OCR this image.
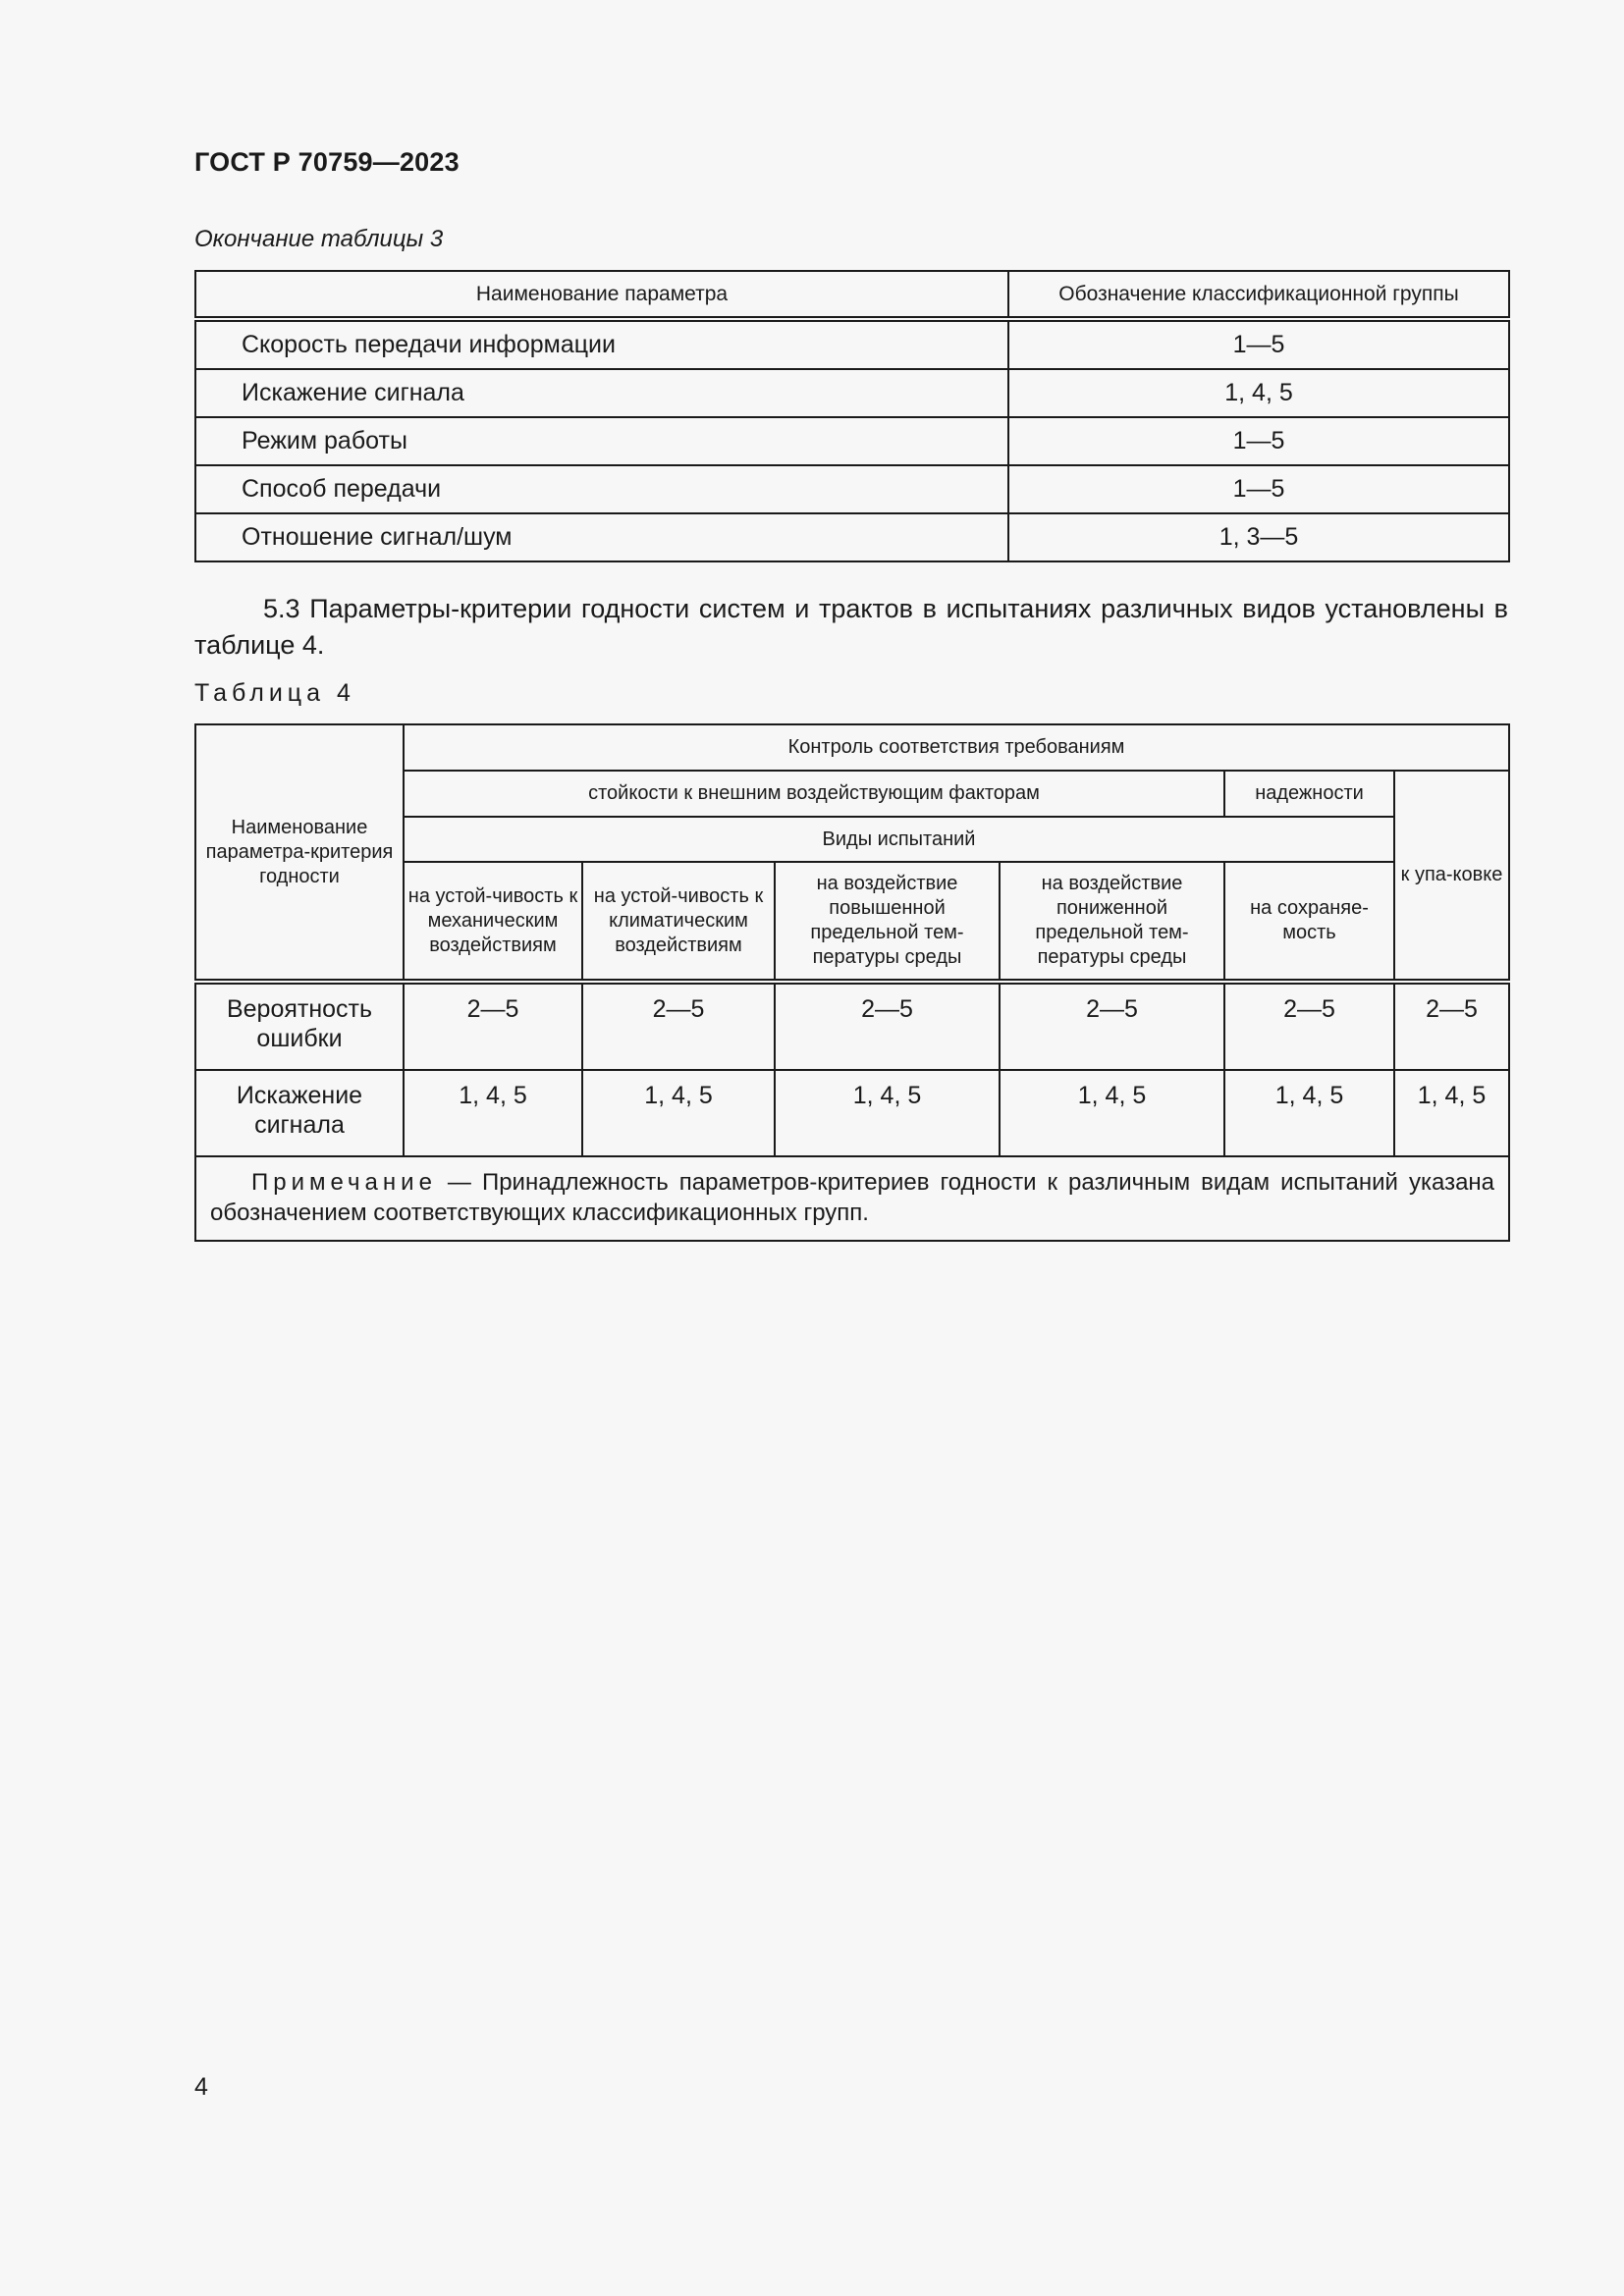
ГОСТ Р 70759—2023
Окончание таблицы 3
Наименование параметра	Обозначение классификационной группы
Скорость передачи информации	1—5
Искажение сигнала	1, 4, 5
Режим работы	1—5
Способ передачи	1—5
Отношение сигнал/шум	1, 3—5
5.3 Параметры-критерии годности систем и трактов в испытаниях различных видов установлены в таблице 4.
Таблица 4
Наименование параметра-критерия годности	Контроль соответствия требованиям					
	стойкости к внешним воздействующим факторам				надежности	к упа-ковке
	Виды испытаний					
	на устой-чивость к механическим воздействиям	на устой-чивость к климатическим воздействиям	на воздействие повышенной предельной тем-пературы среды	на воздействие пониженной предельной тем-пературы среды	на сохраняе-мость	
Вероятность ошибки	2—5	2—5	2—5	2—5	2—5	2—5
Искажение сигнала	1, 4, 5	1, 4, 5	1, 4, 5	1, 4, 5	1, 4, 5	1, 4, 5
Примечание — Принадлежность параметров-критериев годности к различным видам испытаний указана обозначением соответствующих классификационных групп.						
4
